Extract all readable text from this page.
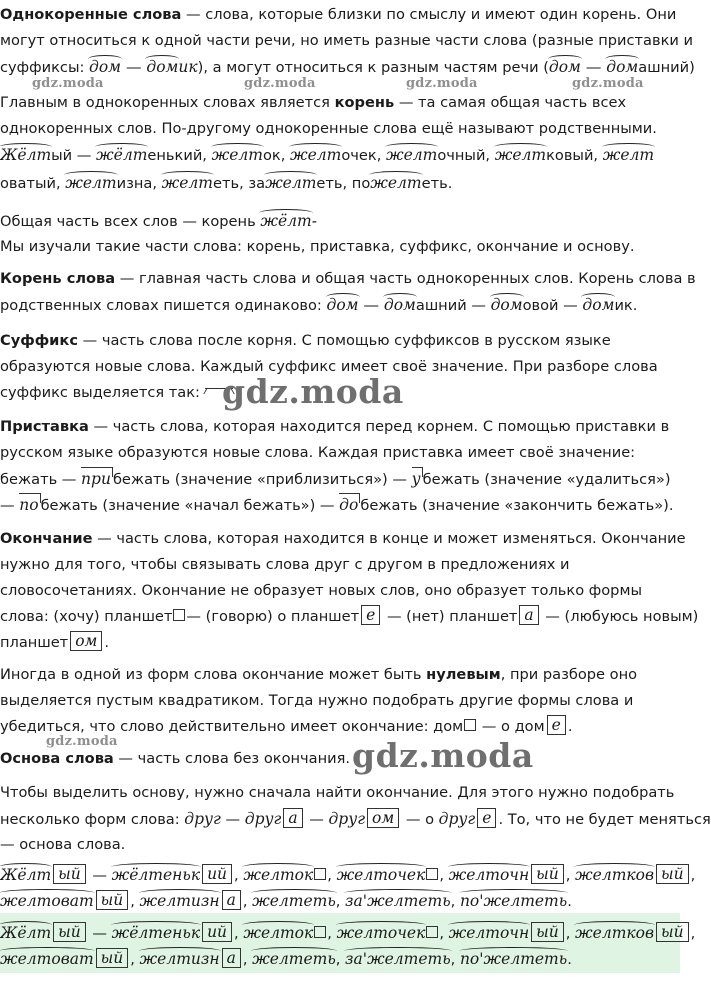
Однокоренные слова — слова, которые близки по смыслу и имеют один корень. Они
могут относиться к одной части речи, но иметь разные части слова (разные приставки и
суффиксы: дом — домик), а могут относиться к разным частям речи (дом — домашний)
gdz.moda	gdz.moda	gdz.moda	gdz.moda
Главным в однокоренных словах является корень — та самая общая часть всех
однокоренных слов. По-другому однокоренные слова ещё называют родственными.
Жёлтый — жёлтенький, желток, желточек, желточный, желтковый, желт
оватый, желтизна, желтеть, зажелтеть, пожелтеть.
Общая часть всех слов — корень жёлт-
Мы изучали такие части слова: корень, приставка, суффикс, окончание и основу.
Корень слова — главная часть слова и общая часть однокоренных слов. Корень слова в
родственных словах пишется одинаково: дом — домашний — домовой — домик.
Суффикс — часть слова после корня. С помощью суффиксов в русском языке
образуются новые слова. Каждый суффикс имеет своё значение. При разборе слова
суффикс выделяется так: gdz.moda
Приставка — часть слова, которая находится перед корнем. С помощью приставки в
русском языке образуются новые слова. Каждая приставка имеет своё значение:
бежать — при бежать (значение «приблизиться») — у бежать (значение «удалиться»)
— по бежать (значение «начал бежать») — до бежать (значение «закончить бежать»).
Окончание — часть слова, которая находится в конце и может изменяться. Окончание
нужно для того, чтобы связывать слова друг с другом в предложениях и
словосочетаниях. Окончание не образует новых слов, оно образует только формы
слова: (хочу) планшет — (говорю) о планшет е — (нет) планшет а — (любуюсь новым)
планшет ом .
Иногда в одной из форм слова окончание может быть нулевым, при разборе оно
выделяется пустым квадратиком. Тогда нужно подобрать другие формы слова и
убедиться, что слово действительно имеет окончание: дом — о дом е .
gdz.moda
Основа слова — часть слова без окончания. gdz.moda
Чтобы выделить основу, нужно сначала найти окончание. Для этого нужно подобрать
несколько форм слова: друг — друг а — друг ом — о друг е . То, что не будет меняться
— основа слова.
Жёлт ый — жёлтеньк ий , желток , желточек , желточн ый , желтков ый ,
желтоват ый , желтизн а , желтеть, за'желтеть, по'желтеть.
Жёлт ый — жёлтеньк ий , желток , желточек , желточн ый , желтков ый ,
желтоват ый , желтизн а , желтеть, за'желтеть, по'желтеть.
